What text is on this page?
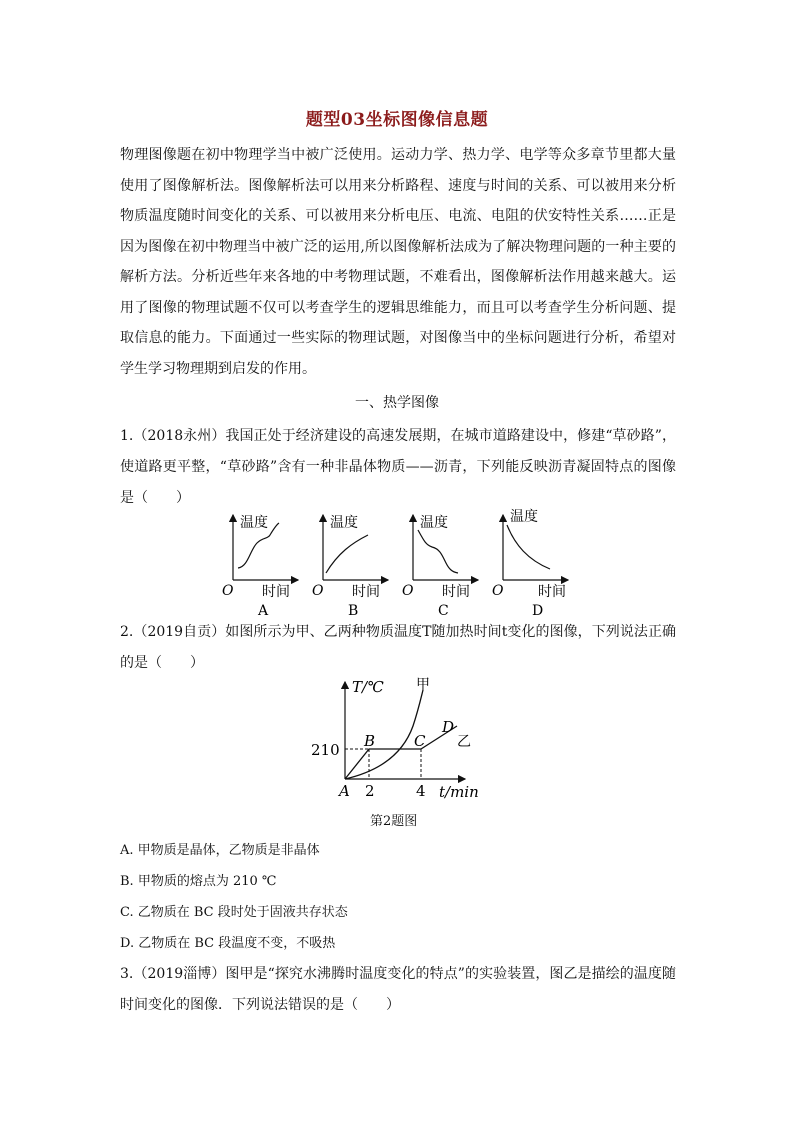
题型03坐标图像信息题
物理图像题在初中物理学当中被广泛使用。运动力学、热力学、电学等众多章节里都大量使用了图像解析法。图像解析法可以用来分析路程、速度与时间的关系、可以被用来分析物质温度随时间变化的关系、可以被用来分析电压、电流、电阻的伏安特性关系……正是因为图像在初中物理当中被广泛的运用,所以图像解析法成为了解决物理问题的一种主要的解析方法。分析近些年来各地的中考物理试题，不难看出，图像解析法作用越来越大。运用了图像的物理试题不仅可以考查学生的逻辑思维能力，而且可以考查学生分析问题、提取信息的能力。下面通过一些实际的物理试题，对图像当中的坐标问题进行分析，希望对学生学习物理期到启发的作用。
一、热学图像
1.（2018永州）我国正处于经济建设的高速发展期，在城市道路建设中，修建“草砂路”，使道路更平整，“草砂路”含有一种非晶体物质——沥青，下列能反映沥青凝固特点的图像是（　　）
温度
O 时间
A
温度
O 时间
B
温度
O 时间
C
温度
O 时间
D
2.（2019自贡）如图所示为甲、乙两种物质温度T随加热时间t变化的图像，下列说法正确的是（　　）
T/℃
210
A
B	C
D
甲
乙
2	4 t/min
第2题图
A. 甲物质是晶体，乙物质是非晶体
B. 甲物质的熔点为 210 ℃
C. 乙物质在 BC 段时处于固液共存状态
D. 乙物质在 BC 段温度不变，不吸热
3.（2019淄博）图甲是“探究水沸腾时温度变化的特点”的实验装置，图乙是描绘的温度随时间变化的图像．下列说法错误的是（　　）
